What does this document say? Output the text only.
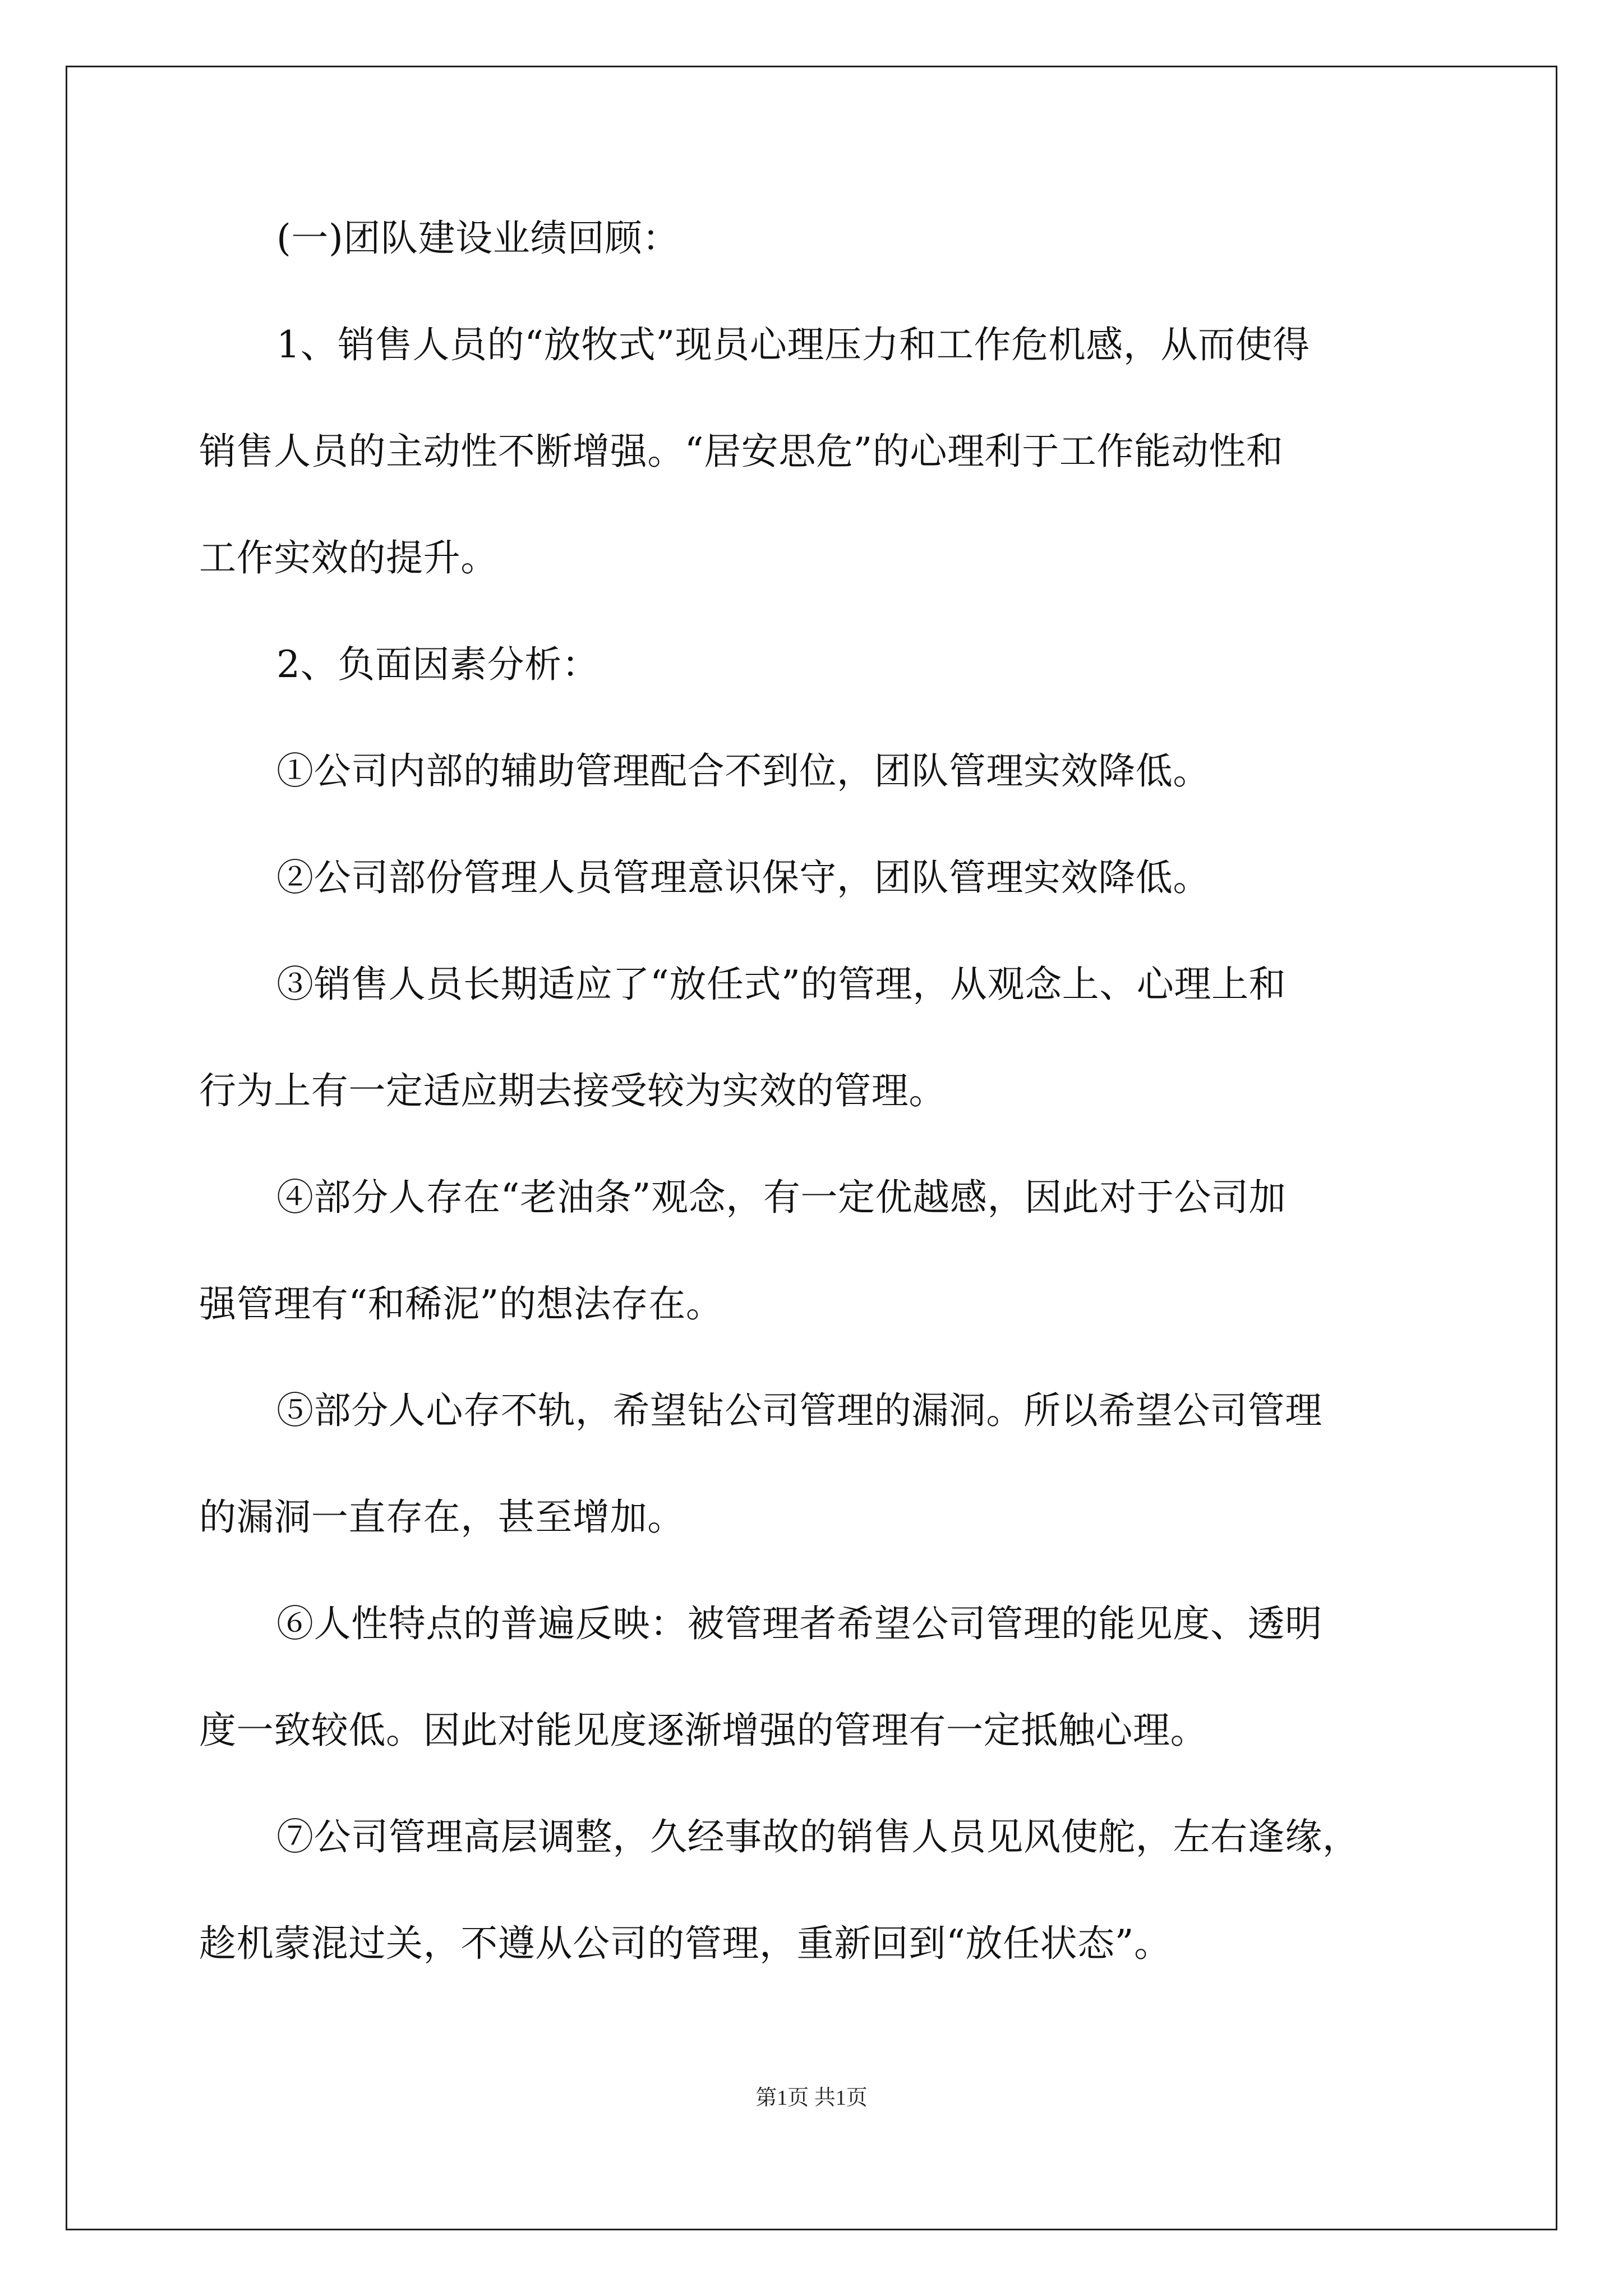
(一)团队建设业绩回顾：
1、销售人员的“放牧式”现员心理压力和工作危机感，从而使得
销售人员的主动性不断增强。“居安思危”的心理利于工作能动性和
工作实效的提升。
2、负面因素分析：
①公司内部的辅助管理配合不到位，团队管理实效降低。
②公司部份管理人员管理意识保守，团队管理实效降低。
③销售人员长期适应了“放任式”的管理，从观念上、心理上和
行为上有一定适应期去接受较为实效的管理。
④部分人存在“老油条”观念，有一定优越感，因此对于公司加
强管理有“和稀泥”的想法存在。
⑤部分人心存不轨，希望钻公司管理的漏洞。所以希望公司管理
的漏洞一直存在，甚至增加。
⑥人性特点的普遍反映：被管理者希望公司管理的能见度、透明
度一致较低。因此对能见度逐渐增强的管理有一定抵触心理。
⑦公司管理高层调整，久经事故的销售人员见风使舵，左右逢缘，
趁机蒙混过关，不遵从公司的管理，重新回到“放任状态”。
第1页 共1页
